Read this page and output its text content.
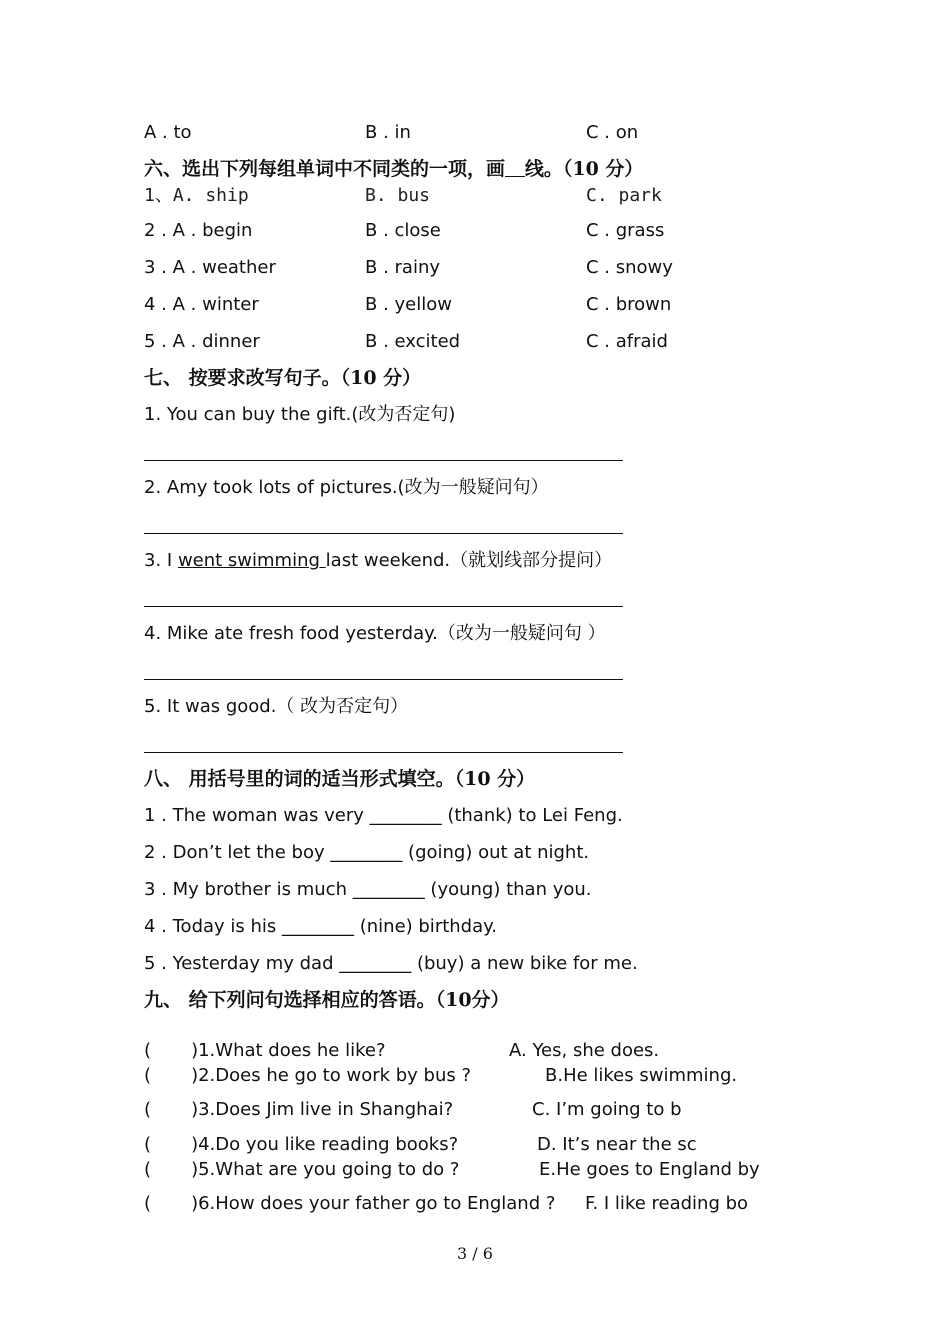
A . to	B . in	C . on
六、选出下列每组单词中不同类的一项，画 线。（10 分）
1、A. ship	B. bus	C. park
2 . A . begin	B . close	C . grass
3 . A . weather	B . rainy	C . snowy
4 . A . winter	B . yellow	C . brown
5 . A . dinner	B . excited	C . afraid
七、 按要求改写句子。（10 分）
1. You can buy the gift.(改为否定句)
2. Amy took lots of pictures.(改为一般疑问句）
3. I went swimming last weekend.（就划线部分提问）
4. Mike ate fresh food yesterday.（改为一般疑问句 ）
5. It was good.（ 改为否定句）
八、 用括号里的词的适当形式填空。（10 分）
1 . The woman was very ________ (thank) to Lei Feng.
2 . Don’t let the boy ________ (going) out at night.
3 . My brother is much ________ (young) than you.
4 . Today is his ________ (nine) birthday.
5 . Yesterday my dad ________ (buy) a new bike for me.
九、 给下列问句选择相应的答语。（10分）
(       )1.What does he like?	A. Yes, she does.
(       )2.Does he go to work by bus ?	B.He likes swimming.
(       )3.Does Jim live in Shanghai?	C. I’m going to b
(       )4.Do you like reading books?	D. It’s near the sc
(       )5.What are you going to do ?	E.He goes to England by
(       )6.How does your father go to England ? F. I like reading bo
3 / 6
